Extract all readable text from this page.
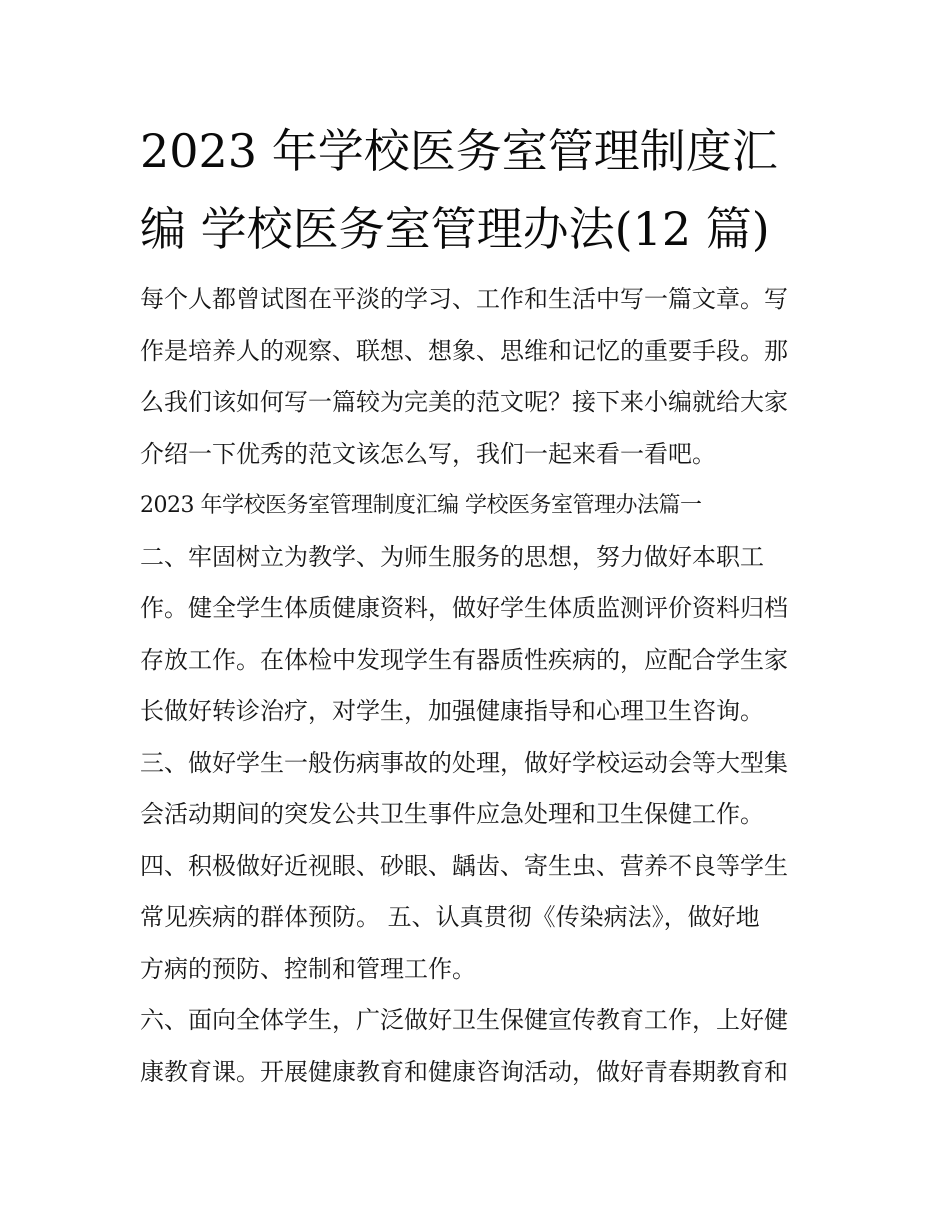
2023 年学校医务室管理制度汇
编 学校医务室管理办法(12 篇)

每个人都曾试图在平淡的学习、工作和生活中写一篇文章。写
作是培养人的观察、联想、想象、思维和记忆的重要手段。那
么我们该如何写一篇较为完美的范文呢？接下来小编就给大家
介绍一下优秀的范文该怎么写，我们一起来看一看吧。

2023 年学校医务室管理制度汇编 学校医务室管理办法篇一

二、牢固树立为教学、为师生服务的思想，努力做好本职工
作。健全学生体质健康资料，做好学生体质监测评价资料归档
存放工作。在体检中发现学生有器质性疾病的，应配合学生家
长做好转诊治疗，对学生，加强健康指导和心理卫生咨询。
三、做好学生一般伤病事故的处理，做好学校运动会等大型集
会活动期间的突发公共卫生事件应急处理和卫生保健工作。
四、积极做好近视眼、砂眼、龋齿、寄生虫、营养不良等学生
常见疾病的群体预防。 五、认真贯彻《传染病法》，做好地
方病的预防、控制和管理工作。
六、面向全体学生，广泛做好卫生保健宣传教育工作，上好健
康教育课。开展健康教育和健康咨询活动，做好青春期教育和
